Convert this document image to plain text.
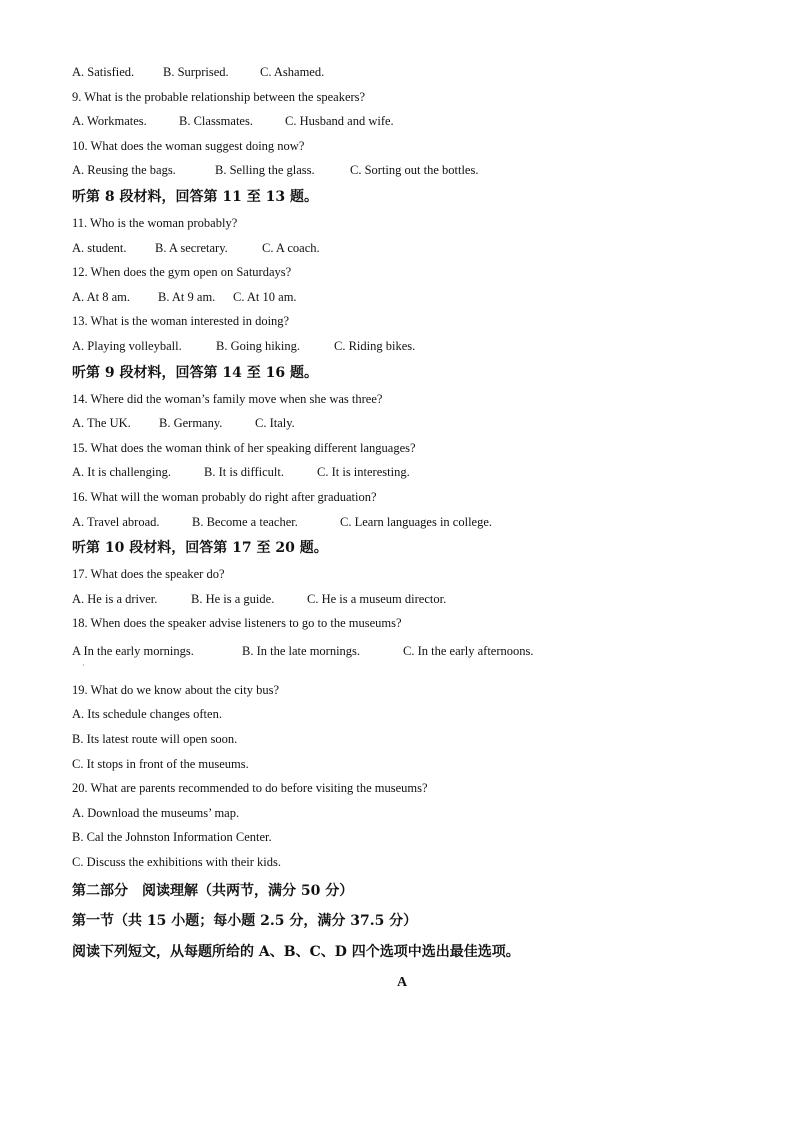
A. Satisfied. B. Surprised.	C. Ashamed.
9. What is the probable relationship between the speakers?
A. Workmates.	B. Classmates.	C. Husband and wife.
10. What does the woman suggest doing now?
A. Reusing the bags.	B. Selling the glass.	C. Sorting out the bottles.
听第 8 段材料，回答第 11 至 13 题。
11. Who is the woman probably?
A. student. B. A secretary.	C. A coach.
12. When does the gym open on Saturdays?
A. At 8 am. B. At 9 am. C. At 10 am.
13. What is the woman interested in doing?
A. Playing volleyball.	B. Going hiking.	C. Riding bikes.
听第 9 段材料，回答第 14 至 16 题。
14. Where did the woman’s family move when she was three?
A. The UK. B. Germany.	C. Italy.
15. What does the woman think of her speaking different languages?
A. It is challenging.	B. It is difficult.	C. It is interesting.
16. What will the woman probably do right after graduation?
A. Travel abroad.	B. Become a teacher.	C. Learn languages in college.
听第 10 段材料，回答第 17 至 20 题。
17. What does the speaker do?
A. He is a driver.	B. He is a guide.	C. He is a museum director.
18. When does the speaker advise listeners to go to the museums?
A In the early mornings.	B. In the late mornings.	C. In the early afternoons.
·
19. What do we know about the city bus?
A. Its schedule changes often.
B. Its latest route will open soon.
C. It stops in front of the museums.
20. What are parents recommended to do before visiting the museums?
A. Download the museums’ map.
B. Cal the Johnston Information Center.
C. Discuss the exhibitions with their kids.
第二部分　阅读理解（共两节，满分 50 分）
第一节（共 15 小题；每小题 2.5 分，满分 37.5 分）
阅读下列短文，从每题所给的 A、B、C、D 四个选项中选出最佳选项。
A
